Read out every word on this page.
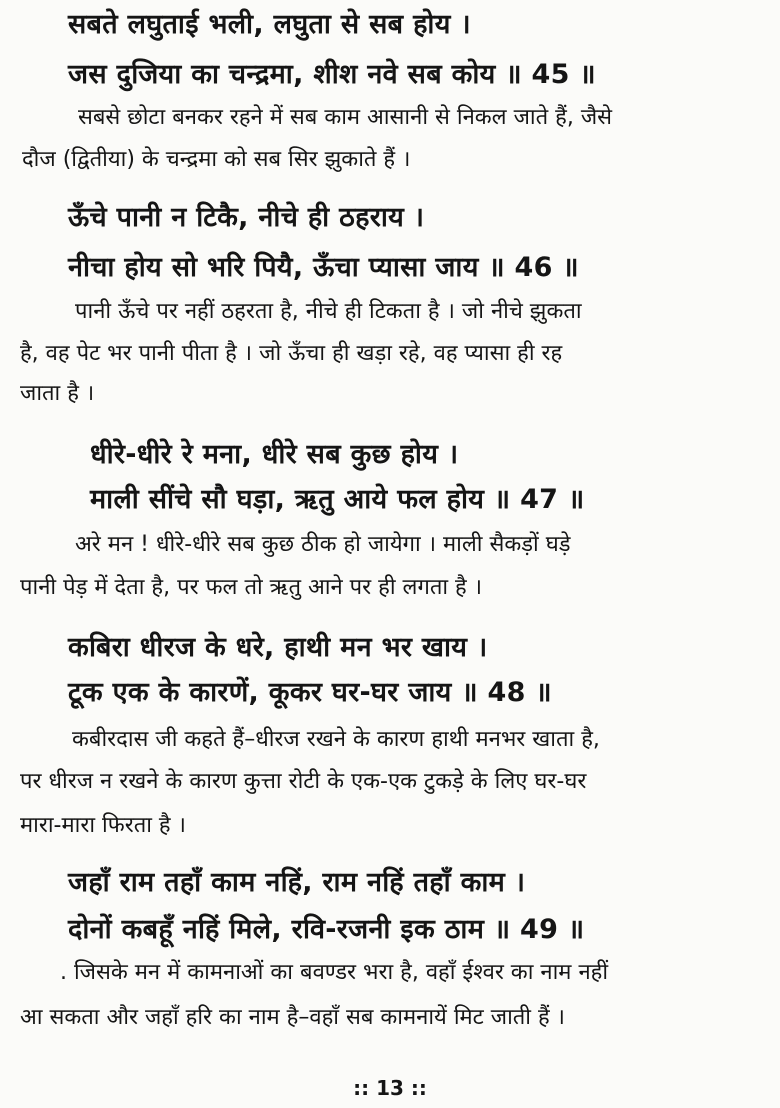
सबते लघुताई भली, लघुता से सब होय ।
जस दुजिया का चन्द्रमा, शीश नवे सब कोय ॥ 45 ॥
सबसे छोटा बनकर रहने में सब काम आसानी से निकल जाते हैं, जैसे
दौज (द्वितीया) के चन्द्रमा को सब सिर झुकाते हैं ।
ऊँचे पानी न टिकै, नीचे ही ठहराय ।
नीचा होय सो भरि पियै, ऊँचा प्यासा जाय ॥ 46 ॥
पानी ऊँचे पर नहीं ठहरता है, नीचे ही टिकता है । जो नीचे झुकता
है, वह पेट भर पानी पीता है । जो ऊँचा ही खड़ा रहे, वह प्यासा ही रह
जाता है ।
धीरे-धीरे रे मना, धीरे सब कुछ होय ।
माली सींचे सौ घड़ा, ऋतु आये फल होय ॥ 47 ॥
अरे मन ! धीरे-धीरे सब कुछ ठीक हो जायेगा । माली सैकड़ों घड़े
पानी पेड़ में देता है, पर फल तो ऋतु आने पर ही लगता है ।
कबिरा धीरज के धरे, हाथी मन भर खाय ।
टूक एक के कारणें, कूकर घर-घर जाय ॥ 48 ॥
कबीरदास जी कहते हैं–धीरज रखने के कारण हाथी मनभर खाता है,
पर धीरज न रखने के कारण कुत्ता रोटी के एक-एक टुकड़े के लिए घर-घर
मारा-मारा फिरता है ।
जहाँ राम तहाँ काम नहिं, राम नहिं तहाँ काम ।
दोनों कबहूँ नहिं मिले, रवि-रजनी इक ठाम ॥ 49 ॥
. जिसके मन में कामनाओं का बवण्डर भरा है, वहाँ ईश्वर का नाम नहीं
आ सकता और जहाँ हरि का नाम है–वहाँ सब कामनायें मिट जाती हैं ।
:: 13 ::
